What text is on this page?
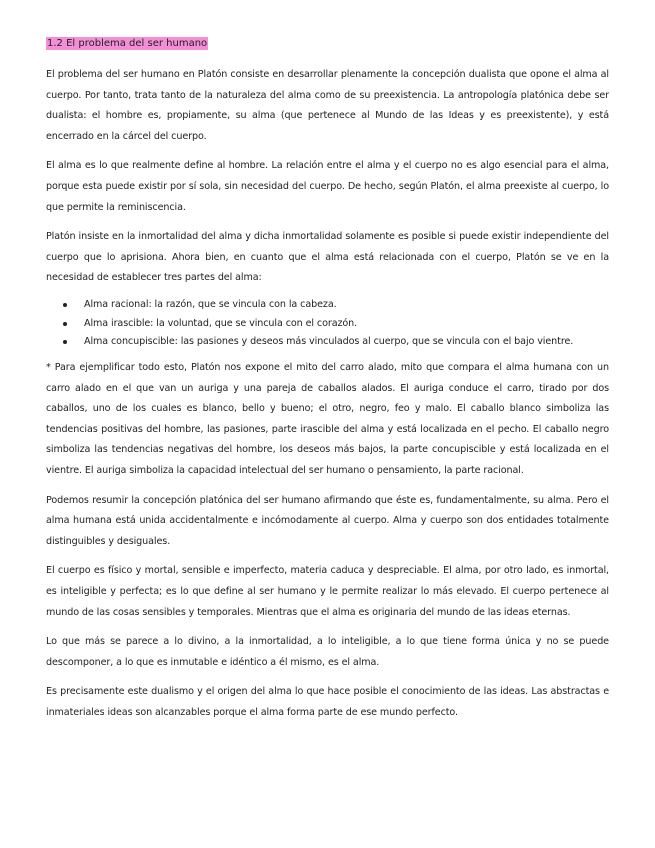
1.2 El problema del ser humano

El problema del ser humano en Platón consiste en desarrollar plenamente la concepción dualista que opone el alma al cuerpo. Por tanto, trata tanto de la naturaleza del alma como de su preexistencia. La antropología platónica debe ser dualista: el hombre es, propiamente, su alma (que pertenece al Mundo de las Ideas y es preexistente), y está encerrado en la cárcel del cuerpo.

El alma es lo que realmente define al hombre. La relación entre el alma y el cuerpo no es algo esencial para el alma, porque esta puede existir por sí sola, sin necesidad del cuerpo. De hecho, según Platón, el alma preexiste al cuerpo, lo que permite la reminiscencia.

Platón insiste en la inmortalidad del alma y dicha inmortalidad solamente es posible si puede existir independiente del cuerpo que lo aprisiona. Ahora bien, en cuanto que el alma está relacionada con el cuerpo, Platón se ve en la necesidad de establecer tres partes del alma:

Alma racional: la razón, que se vincula con la cabeza.
Alma irascible: la voluntad, que se vincula con el corazón.
Alma concupiscible: las pasiones y deseos más vinculados al cuerpo, que se vincula con el bajo vientre.

* Para ejemplificar todo esto, Platón nos expone el mito del carro alado, mito que compara el alma humana con un carro alado en el que van un auriga y una pareja de caballos alados. El auriga conduce el carro, tirado por dos caballos, uno de los cuales es blanco, bello y bueno; el otro, negro, feo y malo. El caballo blanco simboliza las tendencias positivas del hombre, las pasiones, parte irascible del alma y está localizada en el pecho. El caballo negro simboliza las tendencias negativas del hombre, los deseos más bajos, la parte concupiscible y está localizada en el vientre. El auriga simboliza la capacidad intelectual del ser humano o pensamiento, la parte racional.

Podemos resumir la concepción platónica del ser humano afirmando que éste es, fundamentalmente, su alma. Pero el alma humana está unida accidentalmente e incómodamente al cuerpo. Alma y cuerpo son dos entidades totalmente distinguibles y desiguales.

El cuerpo es físico y mortal, sensible e imperfecto, materia caduca y despreciable. El alma, por otro lado, es inmortal, es inteligible y perfecta; es lo que define al ser humano y le permite realizar lo más elevado. El cuerpo pertenece al mundo de las cosas sensibles y temporales. Mientras que el alma es originaria del mundo de las ideas eternas.

Lo que más se parece a lo divino, a la inmortalidad, a lo inteligible, a lo que tiene forma única y no se puede descomponer, a lo que es inmutable e idéntico a él mismo, es el alma.

Es precisamente este dualismo y el origen del alma lo que hace posible el conocimiento de las ideas. Las abstractas e inmateriales ideas son alcanzables porque el alma forma parte de ese mundo perfecto.
